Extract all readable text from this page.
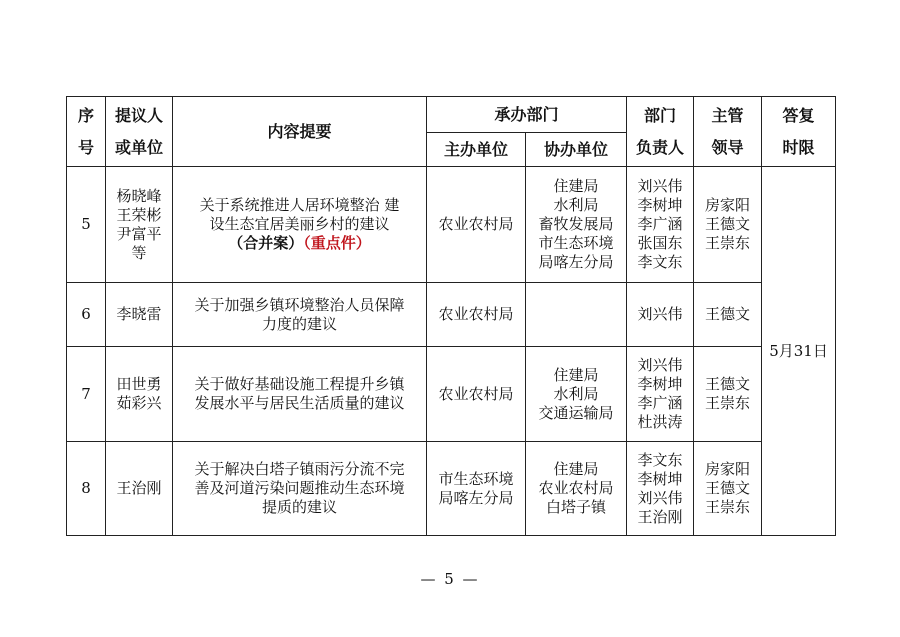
序
号	提议人
或单位	内容提要	承办部门		部门
负责人	主管
领导	答复
时限

			主办单位	协办单位			
5	杨晓峰
王荣彬
尹富平
等	关于系统推进人居环境整治 建
设生态宜居美丽乡村的建议
（合并案）（重点件）	农业农村局	住建局
水利局
畜牧发展局
市生态环境
局喀左分局	刘兴伟
李树坤
李广涵
张国东
李文东	房家阳
王德文
王崇东	5月31日
6	李晓雷	关于加强乡镇环境整治人员保障
力度的建议	农业农村局		刘兴伟	王德文	
7	田世勇
茹彩兴	关于做好基础设施工程提升乡镇
发展水平与居民生活质量的建议	农业农村局	住建局
水利局
交通运输局	刘兴伟
李树坤
李广涵
杜洪涛	王德文
王崇东	

8	王治刚	关于解决白塔子镇雨污分流不完
善及河道污染问题推动生态环境
提质的建议	市生态环境
局喀左分局	住建局
农业农村局
白塔子镇	李文东
李树坤
刘兴伟
王治刚	房家阳
王德文
王崇东	
— 5 —
